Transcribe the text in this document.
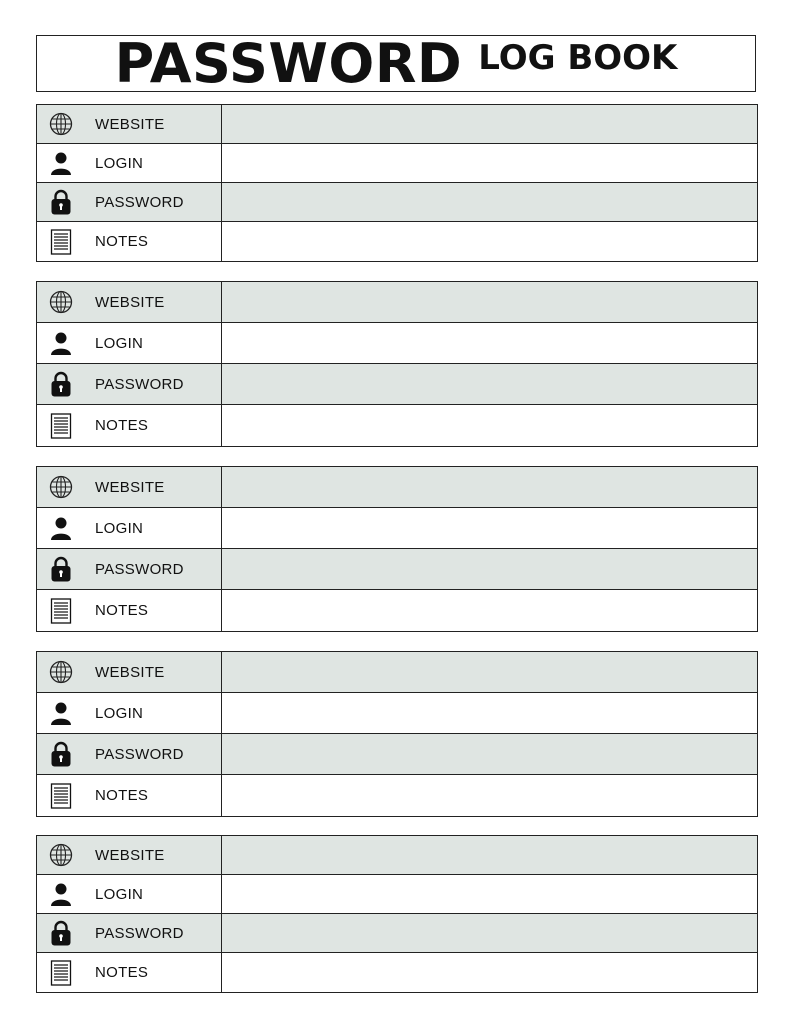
PASSWORD LOG BOOK
WEBSITE
LOGIN
PASSWORD
NOTES
WEBSITE
LOGIN
PASSWORD
NOTES
WEBSITE
LOGIN
PASSWORD
NOTES
WEBSITE
LOGIN
PASSWORD
NOTES
WEBSITE
LOGIN
PASSWORD
NOTES
